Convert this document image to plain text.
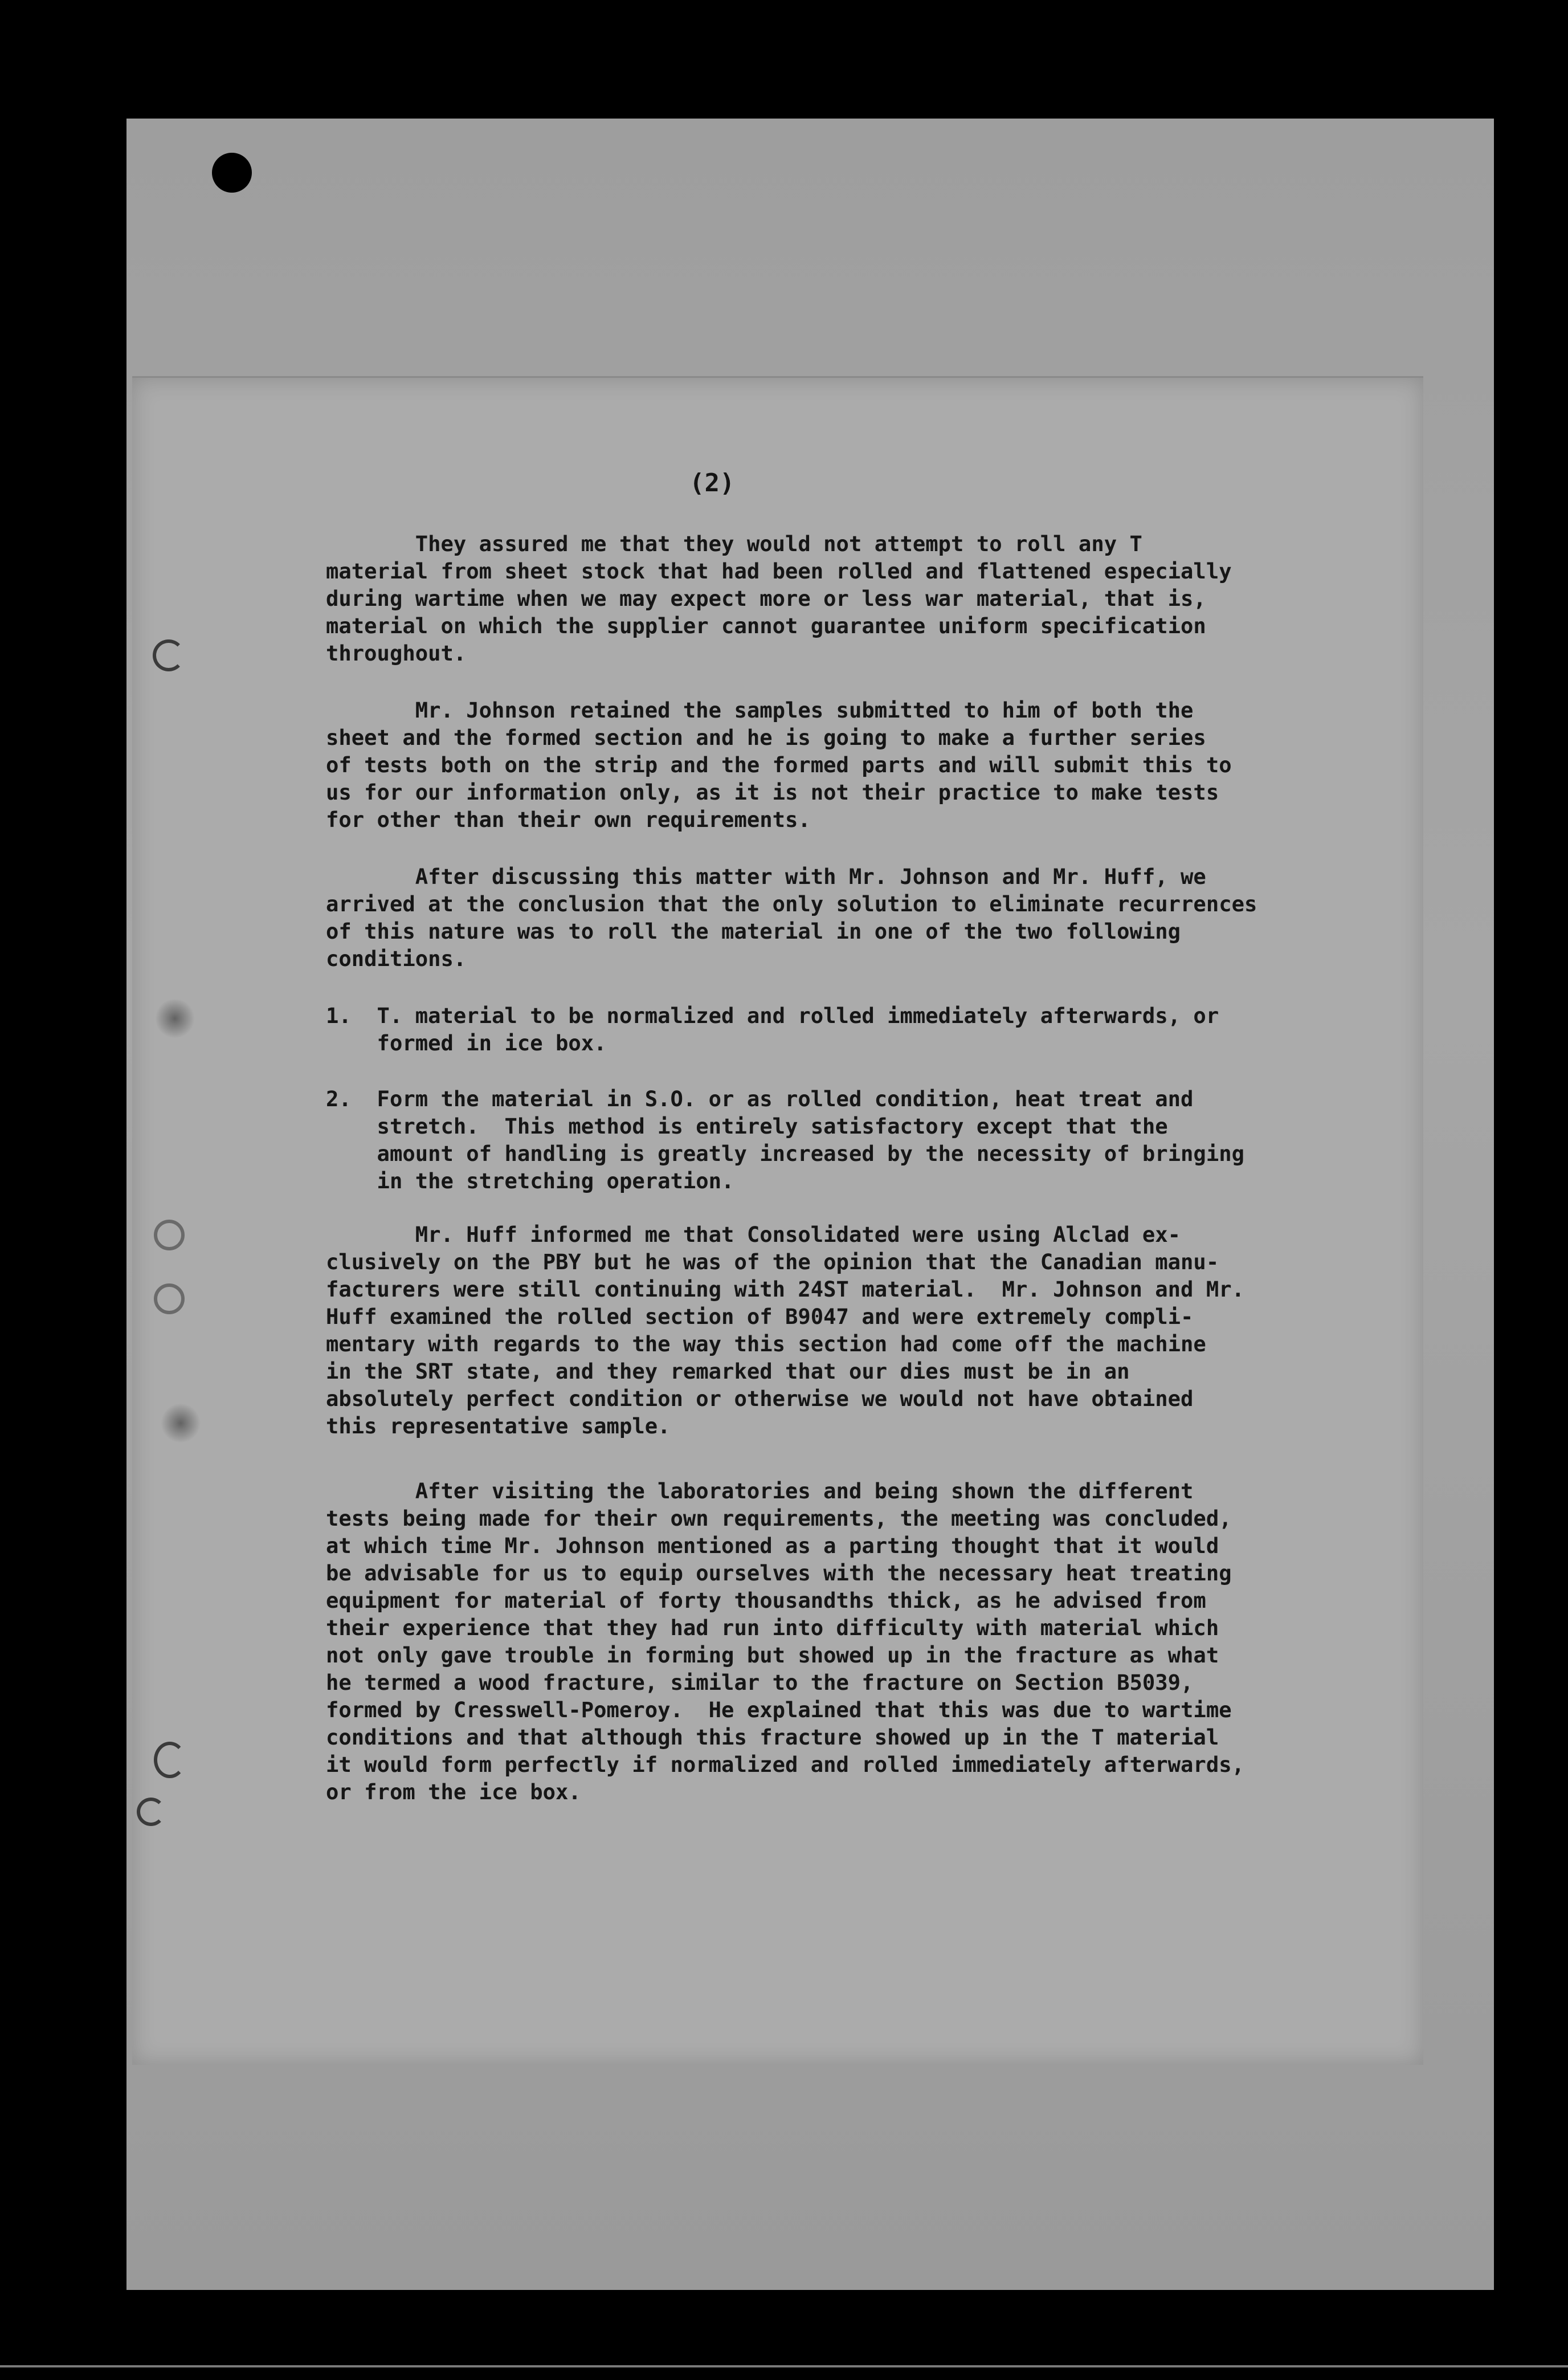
(2)
They assured me that they would not attempt to roll any T
material from sheet stock that had been rolled and flattened especially
during wartime when we may expect more or less war material, that is,
material on which the supplier cannot guarantee uniform specification
throughout.
Mr. Johnson retained the samples submitted to him of both the
sheet and the formed section and he is going to make a further series
of tests both on the strip and the formed parts and will submit this to
us for our information only, as it is not their practice to make tests
for other than their own requirements.
After discussing this matter with Mr. Johnson and Mr. Huff, we
arrived at the conclusion that the only solution to eliminate recurrences
of this nature was to roll the material in one of the two following
conditions.
1.  T. material to be normalized and rolled immediately afterwards, or
formed in ice box.
2.  Form the material in S.O. or as rolled condition, heat treat and
stretch.  This method is entirely satisfactory except that the
amount of handling is greatly increased by the necessity of bringing
in the stretching operation.
Mr. Huff informed me that Consolidated were using Alclad ex-
clusively on the PBY but he was of the opinion that the Canadian manu-
facturers were still continuing with 24ST material.  Mr. Johnson and Mr.
Huff examined the rolled section of B9047 and were extremely compli-
mentary with regards to the way this section had come off the machine
in the SRT state, and they remarked that our dies must be in an
absolutely perfect condition or otherwise we would not have obtained
this representative sample.
After visiting the laboratories and being shown the different
tests being made for their own requirements, the meeting was concluded,
at which time Mr. Johnson mentioned as a parting thought that it would
be advisable for us to equip ourselves with the necessary heat treating
equipment for material of forty thousandths thick, as he advised from
their experience that they had run into difficulty with material which
not only gave trouble in forming but showed up in the fracture as what
he termed a wood fracture, similar to the fracture on Section B5039,
formed by Cresswell-Pomeroy.  He explained that this was due to wartime
conditions and that although this fracture showed up in the T material
it would form perfectly if normalized and rolled immediately afterwards,
or from the ice box.
